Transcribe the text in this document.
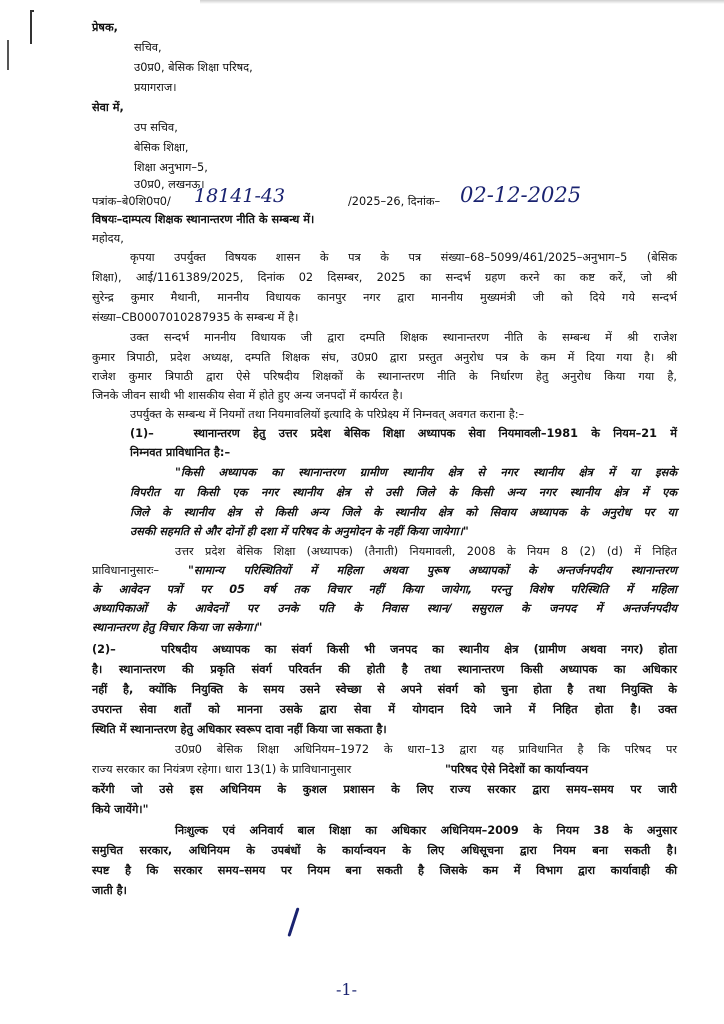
प्रेषक,
सचिव,
उ0प्र0, बेसिक शिक्षा परिषद,
प्रयागराज।
सेवा में,
उप सचिव,
बेसिक शिक्षा,
शिक्षा अनुभाग–5,
उ0प्र0, लखनऊ।
पत्रांक–बे0शि0प0/ 18141-43	/2025–26, दिनांक– 02-12-2025
विषयः–दाम्पत्य शिक्षक स्थानान्तरण नीति के सम्बन्ध में।
महोदय,
कृपया उपर्युक्त विषयक शासन के पत्र के पत्र संख्या–68–5099/461/2025–अनुभाग–5 (बेसिक
शिक्षा), आई/1161389/2025, दिनांक 02 दिसम्बर, 2025 का सन्दर्भ ग्रहण करने का कष्ट करें, जो श्री
सुरेन्द्र कुमार मैथानी, माननीय विधायक कानपुर नगर द्वारा माननीय मुख्यमंत्री जी को दिये गये सन्दर्भ
संख्या–CB0007010287935 के सम्बन्ध में है।
उक्त सन्दर्भ माननीय विधायक जी द्वारा दम्पति शिक्षक स्थानान्तरण नीति के सम्बन्ध में श्री राजेश
कुमार त्रिपाठी, प्रदेश अध्यक्ष, दम्पति शिक्षक संघ, उ0प्र0 द्वारा प्रस्तुत अनुरोध पत्र के कम में दिया गया है। श्री
राजेश कुमार त्रिपाठी द्वारा ऐसे परिषदीय शिक्षकों के स्थानान्तरण नीति के निर्धारण हेतु अनुरोध किया गया है,
जिनके जीवन साथी भी शासकीय सेवा में होते हुए अन्य जनपदों में कार्यरत है।
उपर्युक्त के सम्बन्ध में नियमों तथा नियमावलियों इत्यादि के परिप्रेक्ष्य में निम्नवत् अवगत कराना है:–
(1)–   स्थानान्तरण हेतु उत्तर प्रदेश बेसिक शिक्षा अध्यापक सेवा नियमावली–1981 के नियम–21 में
निम्नवत प्राविधानित है:–
"किसी अध्यापक का स्थानान्तरण ग्रामीण स्थानीय क्षेत्र से नगर स्थानीय क्षेत्र में या इसके
विपरीत या किसी एक नगर स्थानीय क्षेत्र से उसी जिले के किसी अन्य नगर स्थानीय क्षेत्र में एक
जिले के स्थानीय क्षेत्र से किसी अन्य जिले के स्थानीय क्षेत्र को सिवाय अध्यापक के अनुरोध पर या
उसकी सहमति से और दोनों ही दशा में परिषद के अनुमोदन के नहीं किया जायेगा।"
उत्तर प्रदेश बेसिक शिक्षा (अध्यापक) (तैनाती) नियमावली, 2008 के नियम 8 (2) (d) में निहित
प्राविधानानुसारः–	"सामान्य परिस्थितियों में महिला अथवा पुरूष अध्यापकों के अन्तर्जनपदीय स्थानान्तरण
के आवेदन पत्रों पर 05 वर्ष तक विचार नहीं किया जायेगा, परन्तु विशेष परिस्थिति में महिला
अध्यापिकाओं के आवेदनों पर उनके पति के निवास स्थान/ ससुराल के जनपद में अन्तर्जनपदीय
स्थानान्तरण हेतु विचार किया जा सकेगा।"
(2)–   परिषदीय अध्यापक का संवर्ग किसी भी जनपद का स्थानीय क्षेत्र (ग्रामीण अथवा नगर) होता
है। स्थानान्तरण की प्रकृति संवर्ग परिवर्तन की होती है तथा स्थानान्तरण किसी अध्यापक का अधिकार
नहीं है, क्योंकि नियुक्ति के समय उसने स्वेच्छा से अपने संवर्ग को चुना होता है तथा नियुक्ति के
उपरान्त सेवा शर्तों को मानना उसके द्वारा सेवा में योगदान दिये जाने में निहित होता है। उक्त
स्थिति में स्थानान्तरण हेतु अधिकार स्वरूप दावा नहीं किया जा सकता है।
उ0प्र0 बेसिक शिक्षा अधिनियम–1972 के धारा–13 द्वारा यह प्राविधानित है कि परिषद पर
राज्य सरकार का नियंत्रण रहेगा। धारा 13(1) के प्राविधानानुसार	"परिषद ऐसे निदेशों का कार्यान्वयन
करेंगी जो उसे इस अधिनियम के कुशल प्रशासन के लिए राज्य सरकार द्वारा समय–समय पर जारी
किये जायेंगे।"
निःशुल्क एवं अनिवार्य बाल शिक्षा का अधिकार अधिनियम–2009 के नियम 38 के अनुसार
समुचित सरकार, अधिनियम के उपबंधों के कार्यान्वयन के लिए अधिसूचना द्वारा नियम बना सकती है।
स्पष्ट है कि सरकार समय–समय पर नियम बना सकती है जिसके कम में विभाग द्वारा कार्यावाही की
जाती है।
-1-
